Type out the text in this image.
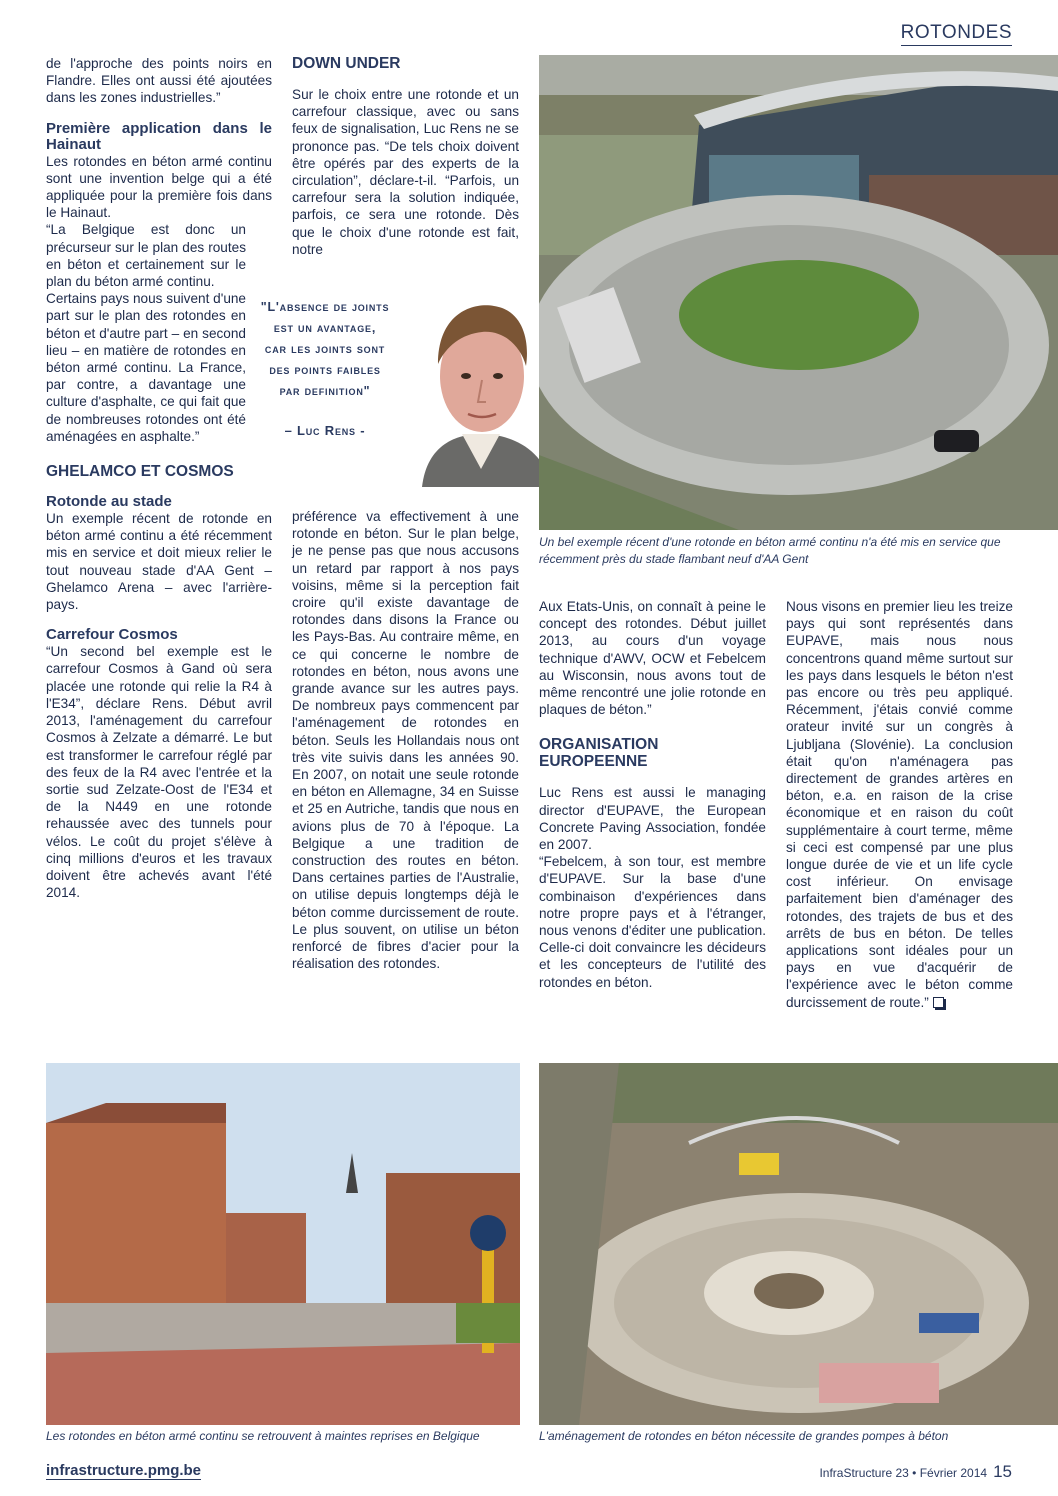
ROTONDES

de l'approche des points noirs en Flandre. Elles ont aussi été ajoutées dans les zones industrielles.”

Première application dans le Hainaut

Les rotondes en béton armé continu sont une invention belge qui a été appliquée pour la première fois dans le Hainaut.

“La Belgique est donc un précurseur sur le plan des routes en béton et certainement sur le plan du béton armé continu.

Certains pays nous suivent d'une part sur le plan des rotondes en béton et d'autre part – en second lieu – en matière de rotondes en béton armé continu. La France, par contre, a davantage une culture d'asphalte, ce qui fait que de nombreuses rotondes ont été aménagées en asphalte.”

GHELAMCO ET COSMOS
Rotonde au stade

Un exemple récent de rotonde en béton armé continu a été récemment mis en service et doit mieux relier le tout nouveau stade d'AA Gent – Ghelamco Arena – avec l'arrière-pays.

Carrefour Cosmos

“Un second bel exemple est le carrefour Cosmos à Gand où sera placée une rotonde qui relie la R4 à l'E34”, déclare Rens. Début avril 2013, l'aménagement du carrefour Cosmos à Zelzate a démarré. Le but est transformer le carrefour réglé par des feux de la R4 avec l'entrée et la sortie sud Zelzate-Oost de l'E34 et de la N449 en une rotonde rehaussée avec des tunnels pour vélos. Le coût du projet s'élève à cinq millions d'euros et les travaux doivent être achevés avant l'été 2014.

DOWN UNDER

Sur le choix entre une rotonde et un carrefour classique, avec ou sans feux de signalisation, Luc Rens ne se prononce pas. “De tels choix doivent être opérés par des experts de la circulation”, déclare-t-il. “Parfois, un carrefour sera la solution indiquée, parfois, ce sera une rotonde. Dès que le choix d'une rotonde est fait, notre

"L'absence de joints
est un avantage,
car les joints sont
des points faibles
par definition"
– Luc Rens -

préférence va effectivement à une rotonde en béton. Sur le plan belge, je ne pense pas que nous accusons un retard par rapport à nos pays voisins, même si la perception fait croire qu'il existe davantage de rotondes dans disons la France ou les Pays-Bas. Au contraire même, en ce qui concerne le nombre de rotondes en béton, nous avons une grande avance sur les autres pays. De nombreux pays commencent par l'aménagement de rotondes en béton. Seuls les Hollandais nous ont très vite suivis dans les années 90. En 2007, on notait une seule rotonde en béton en Allemagne, 34 en Suisse et 25 en Autriche, tandis que nous en avions plus de 70 à l'époque. La Belgique a une tradition de construction des routes en béton. Dans certaines parties de l'Australie, on utilise depuis longtemps déjà le béton comme durcissement de route. Le plus souvent, on utilise un béton renforcé de fibres d'acier pour la réalisation des rotondes.

Un bel exemple récent d'une rotonde en béton armé continu n'a été mis en service que récemment près du stade flambant neuf d'AA Gent

Aux Etats-Unis, on connaît à peine le concept des rotondes. Début juillet 2013, au cours d'un voyage technique d'AWV, OCW et Febelcem au Wisconsin, nous avons tout de même rencontré une jolie rotonde en plaques de béton.”

ORGANISATION EUROPEENNE

Luc Rens est aussi le managing director d'EUPAVE, the European Concrete Paving Association, fondée en 2007.

“Febelcem, à son tour, est membre d'EUPAVE. Sur la base d'une combinaison d'expériences dans notre propre pays et à l'étranger, nous venons d'éditer une publication. Celle-ci doit convaincre les décideurs et les concepteurs de l'utilité des rotondes en béton.

Nous visons en premier lieu les treize pays qui sont représentés dans EUPAVE, mais nous nous concentrons quand même surtout sur les pays dans lesquels le béton n'est pas encore ou très peu appliqué. Récemment, j'étais convié comme orateur invité sur un congrès à Ljubljana (Slovénie). La conclusion était qu'on n'aménagera pas directement de grandes artères en béton, e.a. en raison de la crise économique et en raison du coût supplémentaire à court terme, même si ceci est compensé par une plus longue durée de vie et un life cycle cost inférieur. On envisage parfaitement bien d'aménager des rotondes, des trajets de bus et des arrêts de bus en béton. De telles applications sont idéales pour un pays en vue d'acquérir de l'expérience avec le béton comme durcissement de route.”

Les rotondes en béton armé continu se retrouvent à maintes reprises en Belgique	L'aménagement de rotondes en béton nécessite de grandes pompes à béton
infrastructure.pmg.be	InfraStructure 23 • Février 2014 15
